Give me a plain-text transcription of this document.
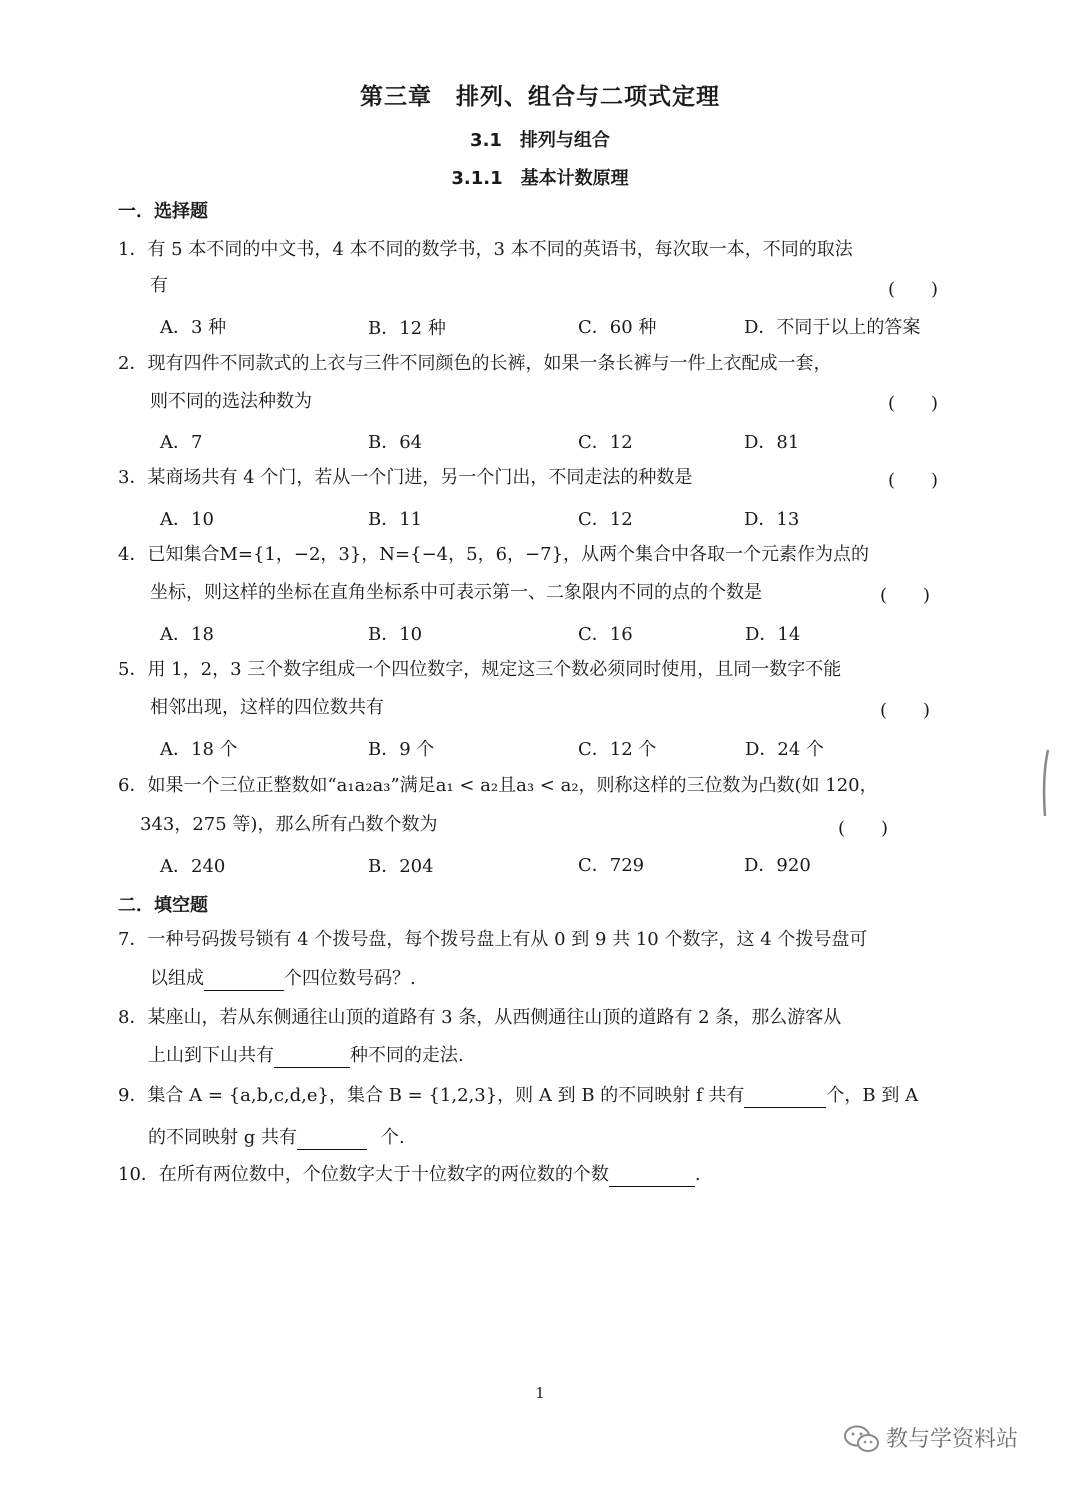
第三章　排列、组合与二项式定理
3.1　排列与组合
3.1.1　基本计数原理
一．选择题
1．有 5 本不同的中文书，4 本不同的数学书，3 本不同的英语书，每次取一本，不同的取法
有	(　　)
A．3 种	B．12 种	C．60 种	D．不同于以上的答案
2．现有四件不同款式的上衣与三件不同颜色的长裤，如果一条长裤与一件上衣配成一套，
则不同的选法种数为	(　　)
A．7	B．64	C．12	D．81
3．某商场共有 4 个门，若从一个门进，另一个门出，不同走法的种数是	(　　)
A．10	B．11	C．12	D．13
4．已知集合M={1，−2，3}，N={−4，5，6，−7}，从两个集合中各取一个元素作为点的
坐标，则这样的坐标在直角坐标系中可表示第一、二象限内不同的点的个数是	(　　)
A．18	B．10	C．16	D．14
5．用 1，2，3 三个数字组成一个四位数字，规定这三个数必须同时使用，且同一数字不能
相邻出现，这样的四位数共有	(　　)
A．18 个	B．9 个	C．12 个	D．24 个
6．如果一个三位正整数如“a₁a₂a₃”满足a₁ < a₂且a₃ < a₂，则称这样的三位数为凸数(如 120，
343，275 等)，那么所有凸数个数为	(　　)
A．240	B．204	C．729	D．920
二．填空题
7．一种号码拨号锁有 4 个拨号盘，每个拨号盘上有从 0 到 9 共 10 个数字，这 4 个拨号盘可
以组成	个四位数号码？.
8．某座山，若从东侧通往山顶的道路有 3 条，从西侧通往山顶的道路有 2 条，那么游客从
上山到下山共有	种不同的走法.
9．集合 A = {a,b,c,d,e}，集合 B = {1,2,3}，则 A 到 B 的不同映射 f 共有	个，B 到 A
的不同映射 g 共有	个.
10．在所有两位数中，个位数字大于十位数字的两位数的个数	.
1
教与学资料站
